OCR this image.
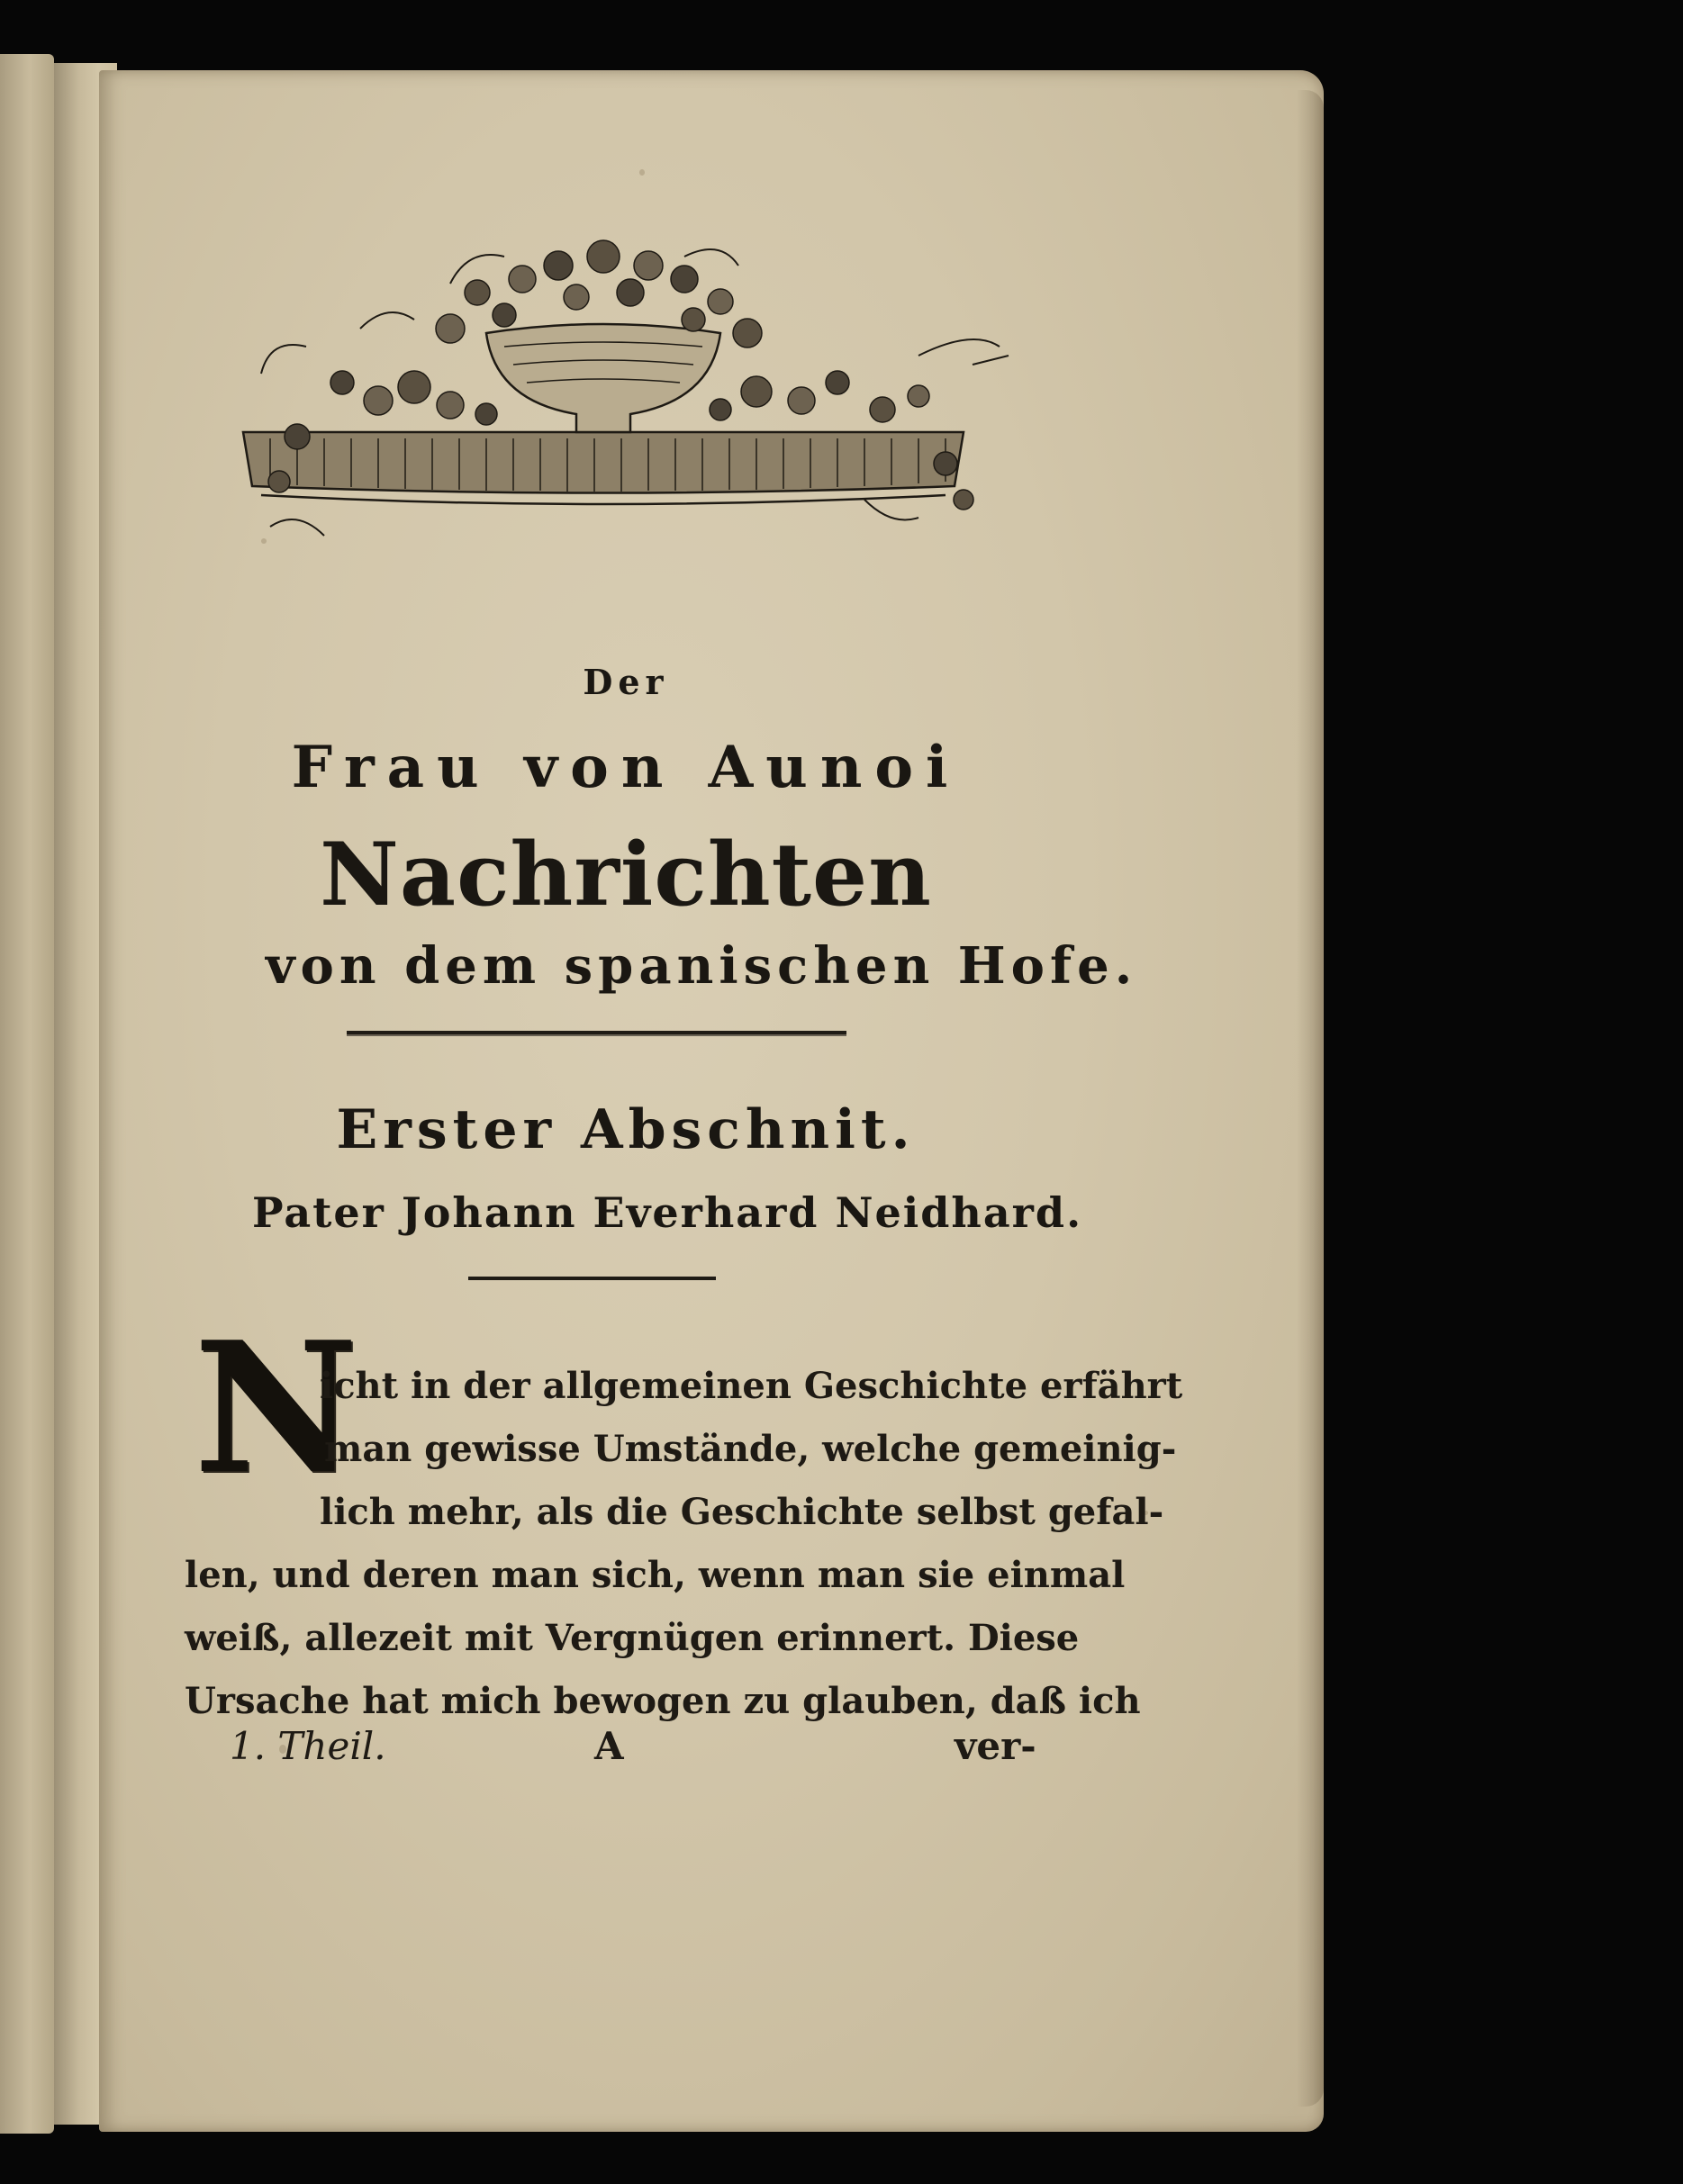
Der
Frau von Aunoi
Nachrichten
von dem spanischen Hofe.
Erster Abschnit.
Pater Johann Everhard Neidhard.
N
icht in der allgemeinen Geschichte erfährt
man gewisse Umstände, welche gemeinig-
lich mehr, als die Geschichte selbst gefal-
len, und deren man sich, wenn man sie einmal
weiß, allezeit mit Vergnügen erinnert. Diese
Ursache hat mich bewogen zu glauben, daß ich
1. Theil.	A	ver-
